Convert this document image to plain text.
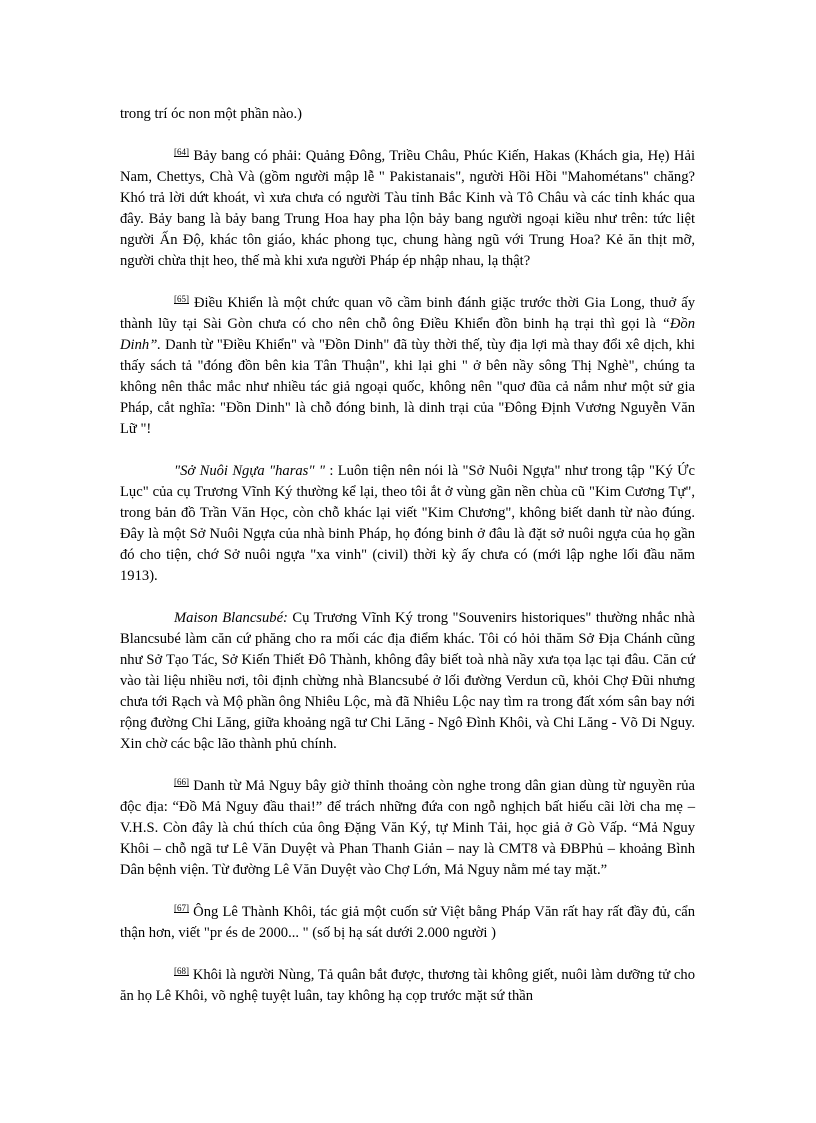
trong trí óc non một phần nào.)

[64] Bảy bang có phải: Quảng Đông, Triều Châu, Phúc Kiến, Hakas (Khách gia, Hẹ) Hải Nam, Chettys, Chà Và (gồm người mập lễ " Pakistanais", người Hồi Hồi "Mahométans" chăng? Khó trả lời dứt khoát, vì xưa chưa có người Tàu tỉnh Bắc Kinh và Tô Châu và các tỉnh khác qua đây. Bảy bang là bảy bang Trung Hoa hay pha lộn bảy bang người ngoại kiều như trên: tức liệt người Ấn Độ, khác tôn giáo, khác phong tục, chung hàng ngũ với Trung Hoa? Kẻ ăn thịt mỡ, người chừa thịt heo, thế mà khi xưa người Pháp ép nhập nhau, lạ thật?

[65] Điều Khiển là một chức quan võ cầm binh đánh giặc trước thời Gia Long, thuở ấy thành lũy tại Sài Gòn chưa có cho nên chỗ ông Điều Khiển đồn binh hạ trại thì gọi là “Đồn Dinh”. Danh từ "Điều Khiển" và "Đồn Dinh" đã tùy thời thế, tùy địa lợi mà thay đổi xê dịch, khi thấy sách tả "đóng đồn bên kia Tân Thuận", khi lại ghi " ở bên nầy sông Thị Nghè", chúng ta không nên thắc mắc như nhiều tác giả ngoại quốc, không nên "quơ đũa cả nắm như một sử gia Pháp, cắt nghĩa: "Đồn Dinh" là chỗ đóng binh, là dinh trại của "Đông Định Vương Nguyễn Văn Lữ "!

"Sở Nuôi Ngựa "haras" " : Luôn tiện nên nói là "Sở Nuôi Ngựa" như trong tập "Ký Ức Lục" của cụ Trương Vĩnh Ký thường kể lại, theo tôi ắt ở vùng gần nền chùa cũ "Kim Cương Tự", trong bản đồ Trần Văn Học, còn chỗ khác lại viết "Kim Chương", không biết danh từ nào đúng. Đây là một Sở Nuôi Ngựa của nhà binh Pháp, họ đóng binh ở đâu là đặt sở nuôi ngựa của họ gần đó cho tiện, chớ Sở nuôi ngựa "xa vinh" (civil) thời kỳ ấy chưa có (mới lập nghe lối đầu năm 1913).

Maison Blancsubé: Cụ Trương Vĩnh Ký trong "Souvenirs historiques" thường nhắc nhà Blancsubé làm căn cứ phăng cho ra mối các địa điểm khác. Tôi có hỏi thăm Sở Địa Chánh cũng như Sở Tạo Tác, Sở Kiến Thiết Đô Thành, không đây biết toà nhà nầy xưa tọa lạc tại đâu. Căn cứ vào tài liệu nhiều nơi, tôi định chừng nhà Blancsubé ở lối đường Verdun cũ, khỏi Chợ Đũi nhưng chưa tới Rạch và Mộ phần ông Nhiêu Lộc, mà đã Nhiêu Lộc nay tìm ra trong đất xóm sân bay nới rộng đường Chi Lăng, giữa khoảng ngã tư Chi Lăng - Ngô Đình Khôi, và Chi Lăng - Võ Di Nguy. Xin chờ các bậc lão thành phủ chính.

[66] Danh từ Mả Nguy bây giờ thỉnh thoảng còn nghe trong dân gian dùng từ nguyền rủa độc địa: “Đồ Mả Nguy đầu thai!” để trách những đứa con ngỗ nghịch bất hiếu cãi lời cha mẹ – V.H.S. Còn đây là chú thích của ông Đặng Văn Ký, tự Minh Tải, học giả ở Gò Vấp. “Mả Nguy Khôi – chỗ ngã tư Lê Văn Duyệt và Phan Thanh Giản – nay là CMT8 và ĐBPhủ – khoảng Bình Dân bệnh viện. Từ đường Lê Văn Duyệt vào Chợ Lớn, Mả Nguy nằm mé tay mặt.”

[67] Ông Lê Thành Khôi, tác giả một cuốn sử Việt bằng Pháp Văn rất hay rất đầy đủ, cẩn thận hơn, viết "pr és de 2000... " (số bị hạ sát dưới 2.000 người )

[68] Khôi là người Nùng, Tả quân bắt được, thương tài không giết, nuôi làm dưỡng tử cho ăn họ Lê Khôi, võ nghệ tuyệt luân, tay không hạ cọp trước mặt sứ thần
